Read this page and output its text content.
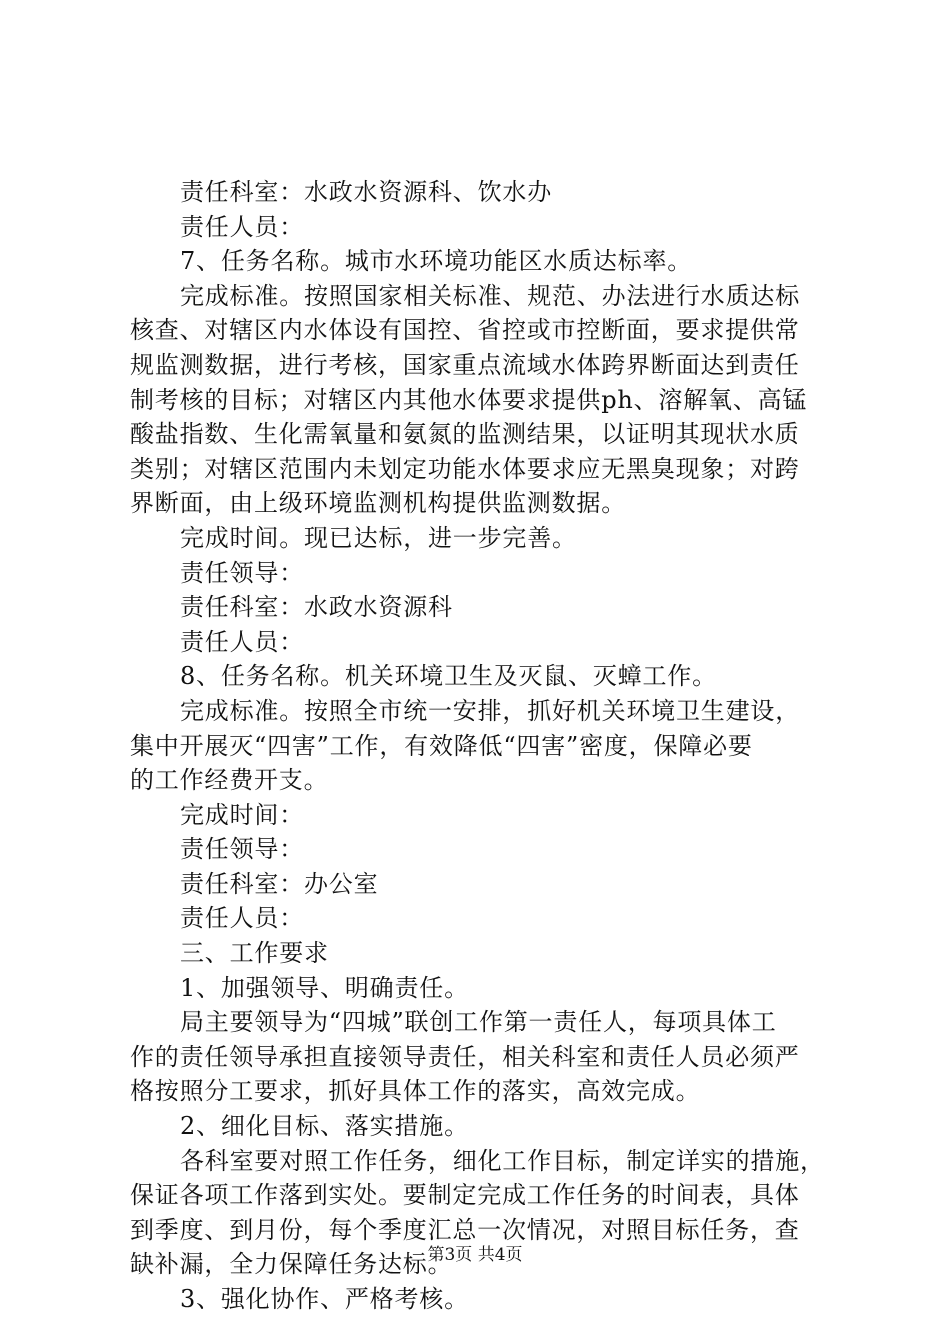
责任科室：水政水资源科、饮水办
责任人员：
7、任务名称。城市水环境功能区水质达标率。
完成标准。按照国家相关标准、规范、办法进行水质达标
核查、对辖区内水体设有国控、省控或市控断面，要求提供常
规监测数据，进行考核，国家重点流域水体跨界断面达到责任
制考核的目标；对辖区内其他水体要求提供ph、溶解氧、高锰
酸盐指数、生化需氧量和氨氮的监测结果，以证明其现状水质
类别；对辖区范围内未划定功能水体要求应无黑臭现象；对跨
界断面，由上级环境监测机构提供监测数据。
完成时间。现已达标，进一步完善。
责任领导：
责任科室：水政水资源科
责任人员：
8、任务名称。机关环境卫生及灭鼠、灭蟑工作。
完成标准。按照全市统一安排，抓好机关环境卫生建设，
集中开展灭“四害”工作，有效降低“四害”密度，保障必要
的工作经费开支。
完成时间：
责任领导：
责任科室：办公室
责任人员：
三、工作要求
1、加强领导、明确责任。
局主要领导为“四城”联创工作第一责任人，每项具体工
作的责任领导承担直接领导责任，相关科室和责任人员必须严
格按照分工要求，抓好具体工作的落实，高效完成。
2、细化目标、落实措施。
各科室要对照工作任务，细化工作目标，制定详实的措施，
保证各项工作落到实处。要制定完成工作任务的时间表，具体
到季度、到月份，每个季度汇总一次情况，对照目标任务，查
缺补漏，全力保障任务达标。
3、强化协作、严格考核。
第3页 共4页
